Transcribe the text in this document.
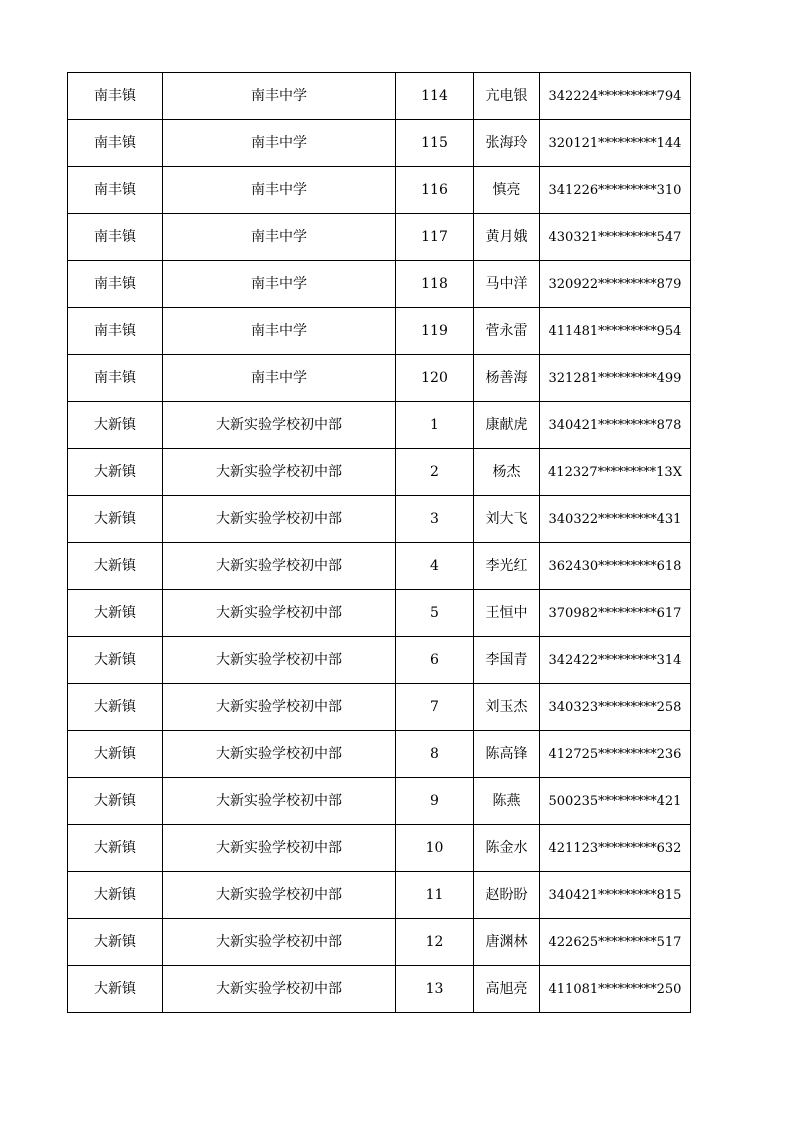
南丰镇	南丰中学	114	亢电银	342224*********794
南丰镇	南丰中学	115	张海玲	320121*********144
南丰镇	南丰中学	116	慎亮	341226*********310
南丰镇	南丰中学	117	黄月娥	430321*********547
南丰镇	南丰中学	118	马中洋	320922*********879
南丰镇	南丰中学	119	菅永雷	411481*********954
南丰镇	南丰中学	120	杨善海	321281*********499
大新镇	大新实验学校初中部	1	康献虎	340421*********878
大新镇	大新实验学校初中部	2	杨杰	412327*********13X
大新镇	大新实验学校初中部	3	刘大飞	340322*********431
大新镇	大新实验学校初中部	4	李光红	362430*********618
大新镇	大新实验学校初中部	5	王恒中	370982*********617
大新镇	大新实验学校初中部	6	李国青	342422*********314
大新镇	大新实验学校初中部	7	刘玉杰	340323*********258
大新镇	大新实验学校初中部	8	陈高锋	412725*********236
大新镇	大新实验学校初中部	9	陈燕	500235*********421
大新镇	大新实验学校初中部	10	陈金水	421123*********632
大新镇	大新实验学校初中部	11	赵盼盼	340421*********815
大新镇	大新实验学校初中部	12	唐渊林	422625*********517
大新镇	大新实验学校初中部	13	高旭亮	411081*********250
